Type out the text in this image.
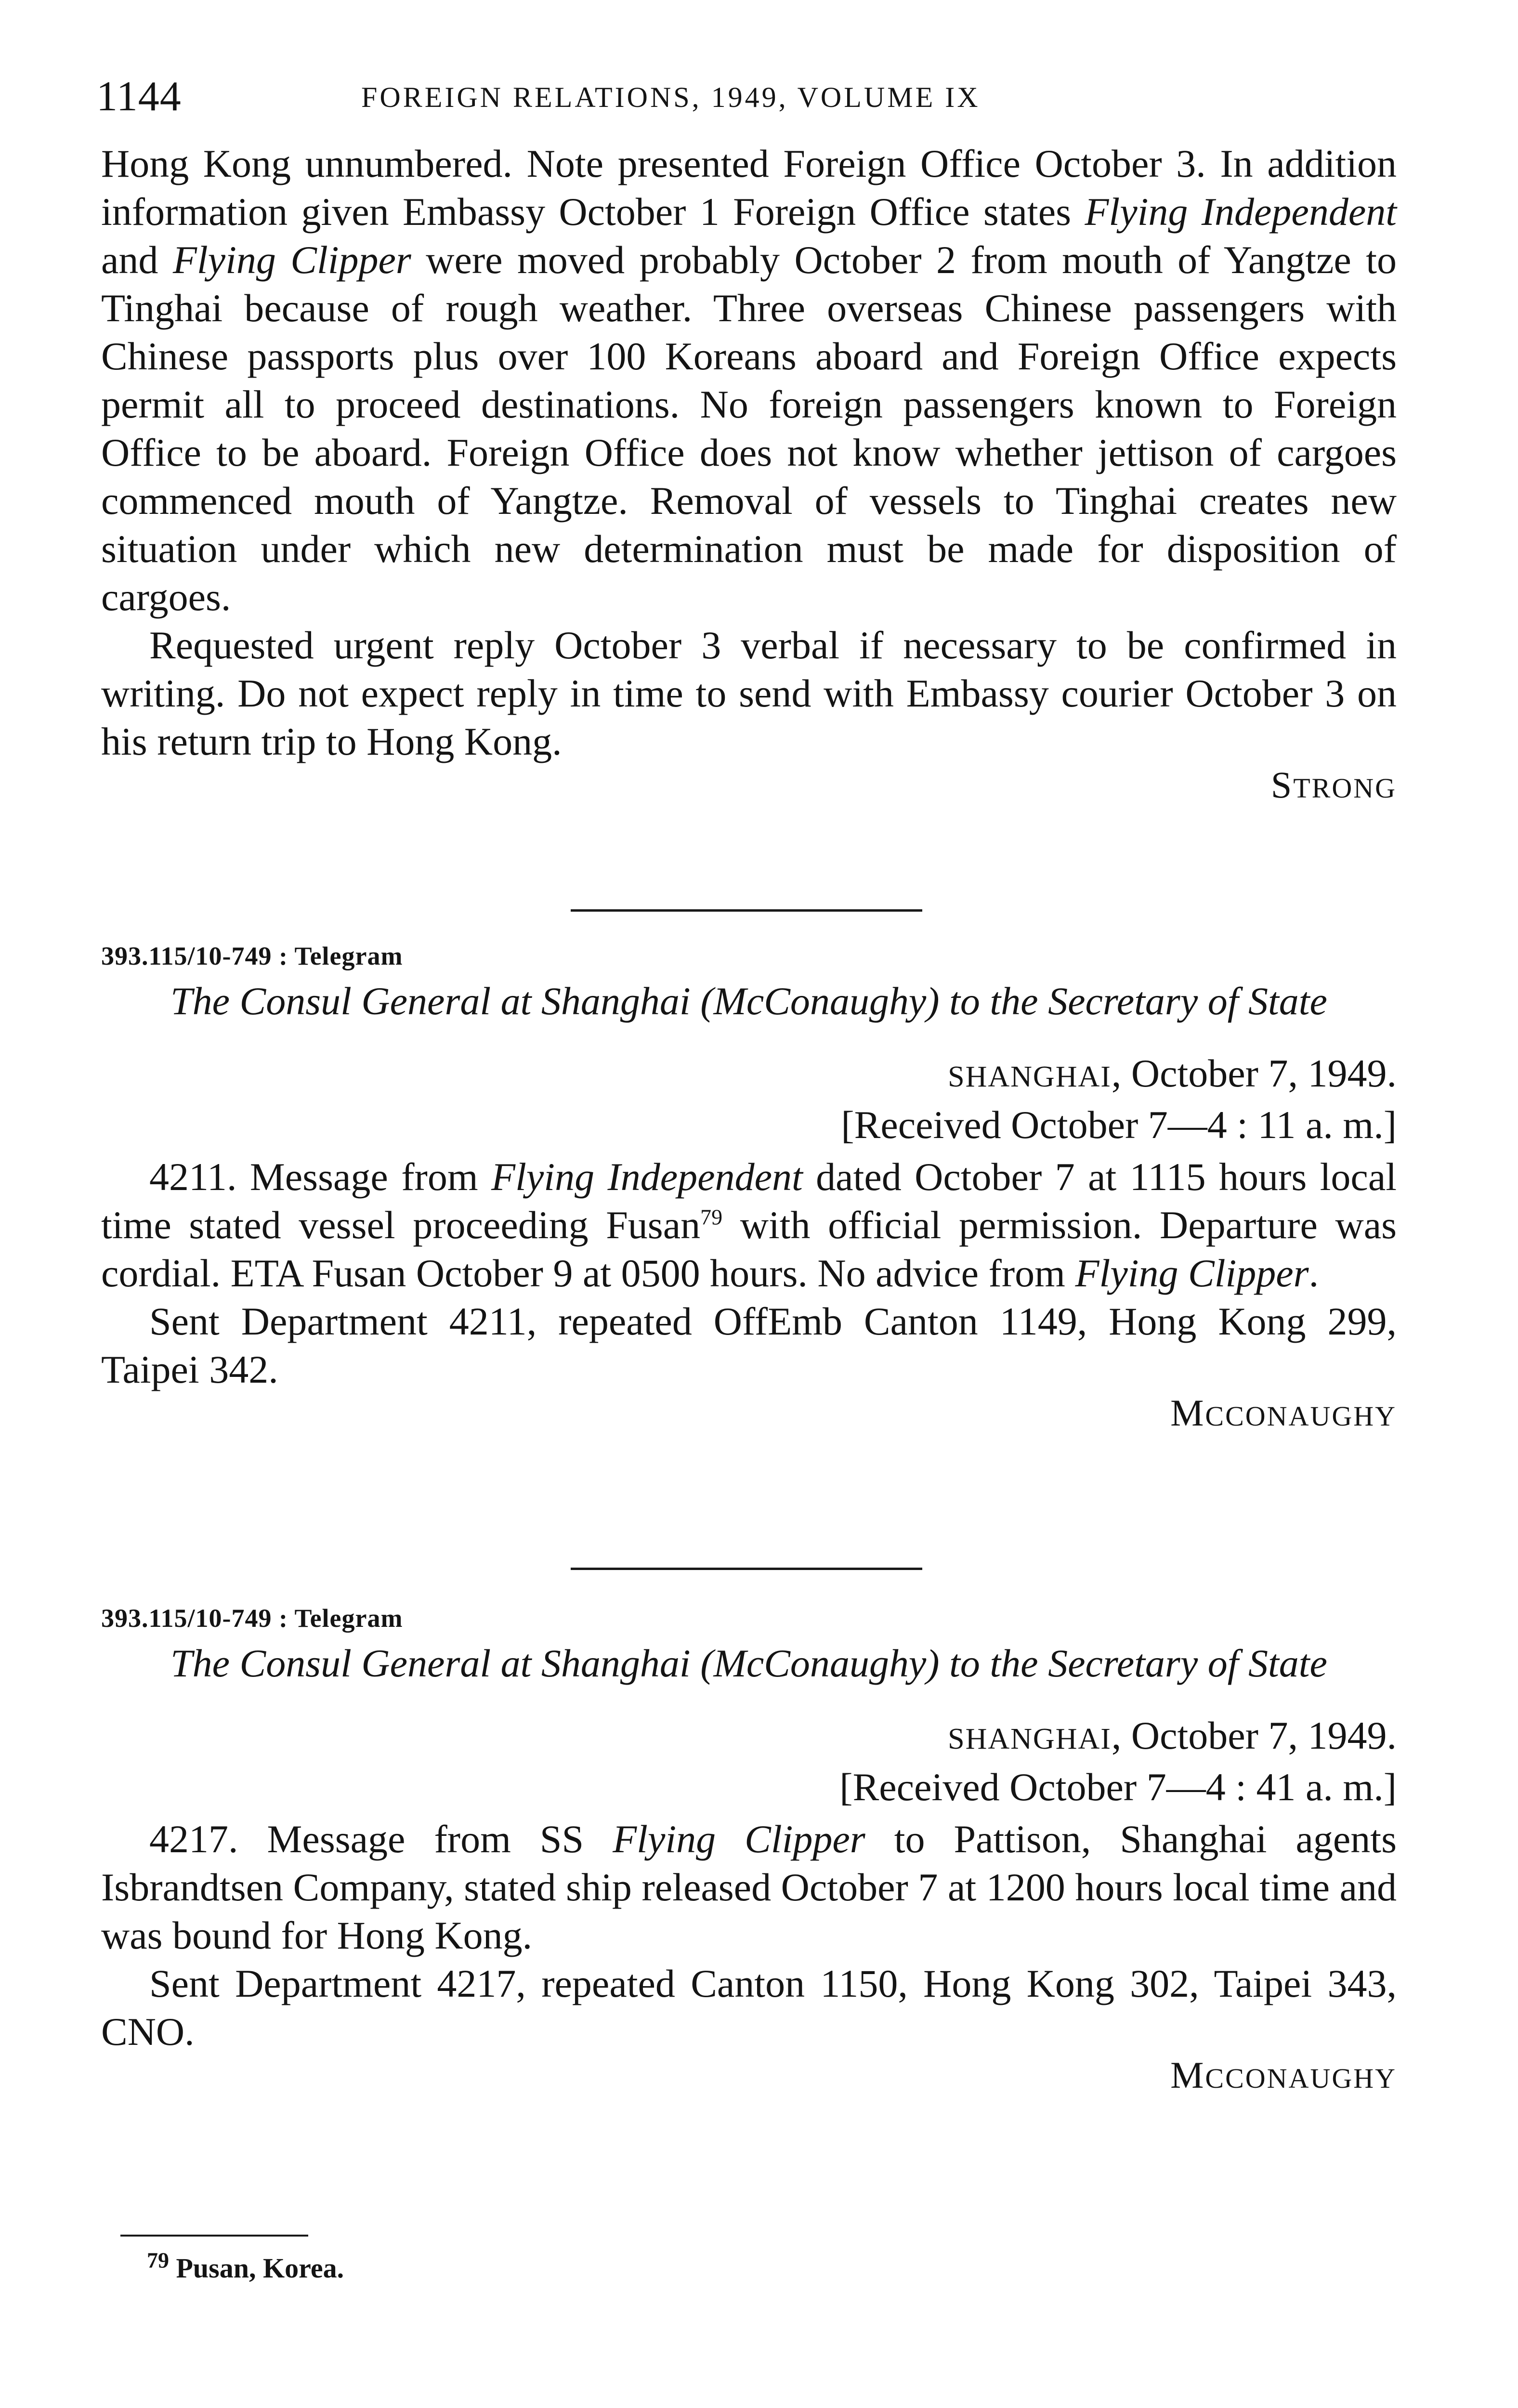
1144	FOREIGN RELATIONS, 1949, VOLUME IX

Hong Kong unnumbered. Note presented Foreign Office October 3. In addition information given Embassy October 1 Foreign Office states Flying Independent and Flying Clipper were moved probably October 2 from mouth of Yangtze to Tinghai because of rough weather. Three overseas Chinese passengers with Chinese passports plus over 100 Koreans aboard and Foreign Office expects permit all to proceed destinations. No foreign passengers known to Foreign Office to be aboard. Foreign Office does not know whether jettison of cargoes commenced mouth of Yangtze. Removal of vessels to Tinghai creates new situation under which new determination must be made for disposition of cargoes.

Requested urgent reply October 3 verbal if necessary to be confirmed in writing. Do not expect reply in time to send with Embassy courier October 3 on his return trip to Hong Kong.

STRONG
393.115/10-749 : Telegram

The Consul General at Shanghai (McConaughy) to the Secretary of State

SHANGHAI, October 7, 1949.

[Received October 7—4 : 11 a. m.]

4211. Message from Flying Independent dated October 7 at 1115 hours local time stated vessel proceeding Fusan$^{79}$ with official permission. Departure was cordial. ETA Fusan October 9 at 0500 hours. No advice from Flying Clipper.

Sent Department 4211, repeated OffEmb Canton 1149, Hong Kong 299, Taipei 342.

MCCONAUGHY
393.115/10-749 : Telegram

The Consul General at Shanghai (McConaughy) to the Secretary of State

SHANGHAI, October 7, 1949.

[Received October 7—4 : 41 a. m.]

4217. Message from SS Flying Clipper to Pattison, Shanghai agents Isbrandtsen Company, stated ship released October 7 at 1200 hours local time and was bound for Hong Kong.

Sent Department 4217, repeated Canton 1150, Hong Kong 302, Taipei 343, CNO.

MCCONAUGHY
$^{79}$ Pusan, Korea.
